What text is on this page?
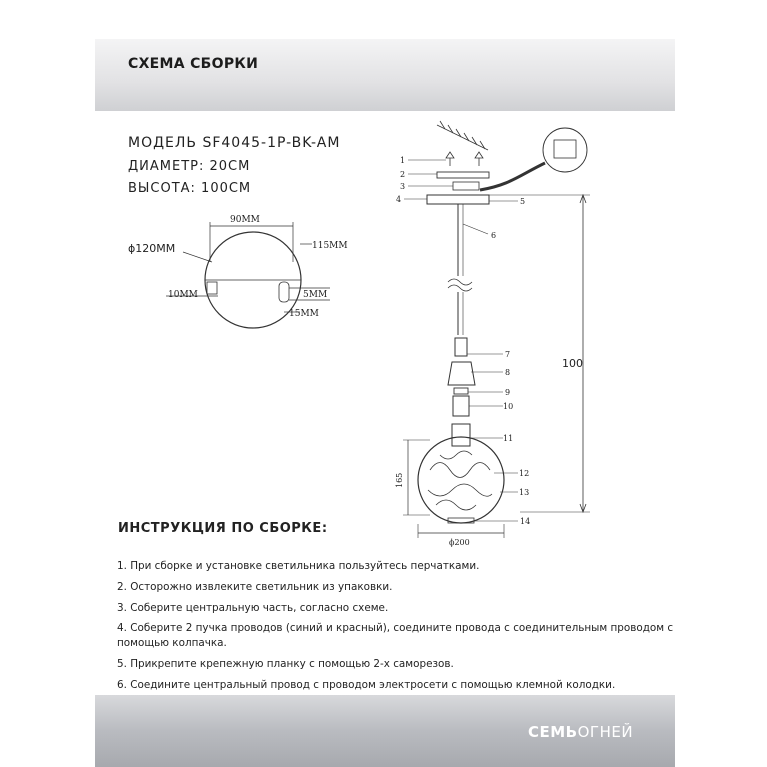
СХЕМА СБОРКИ
МОДЕЛЬ SF4045-1P-BK-AM
ДИАМЕТР: 20СМ
ВЫСОТА: 100СМ
ϕ120MM
90MM
115MM
10MM	5MM
15MM
1
2
3
4	5
6
7
8
9
10
11
12
13
14
100
165
ϕ200
ИНСТРУКЦИЯ ПО СБОРКЕ:
1. При сборке и установке светильника пользуйтесь перчатками.
2. Осторожно извлеките светильник из упаковки.
3. Соберите центральную часть, согласно схеме.
4. Соберите 2 пучка проводов (синий и красный), соедините провода с соединительным проводом с помощью колпачка.
5. Прикрепите крепежную планку с помощью 2-х саморезов.
6. Соедините центральный провод с проводом электросети с помощью клемной колодки.
СЕМЬОГНЕЙ
